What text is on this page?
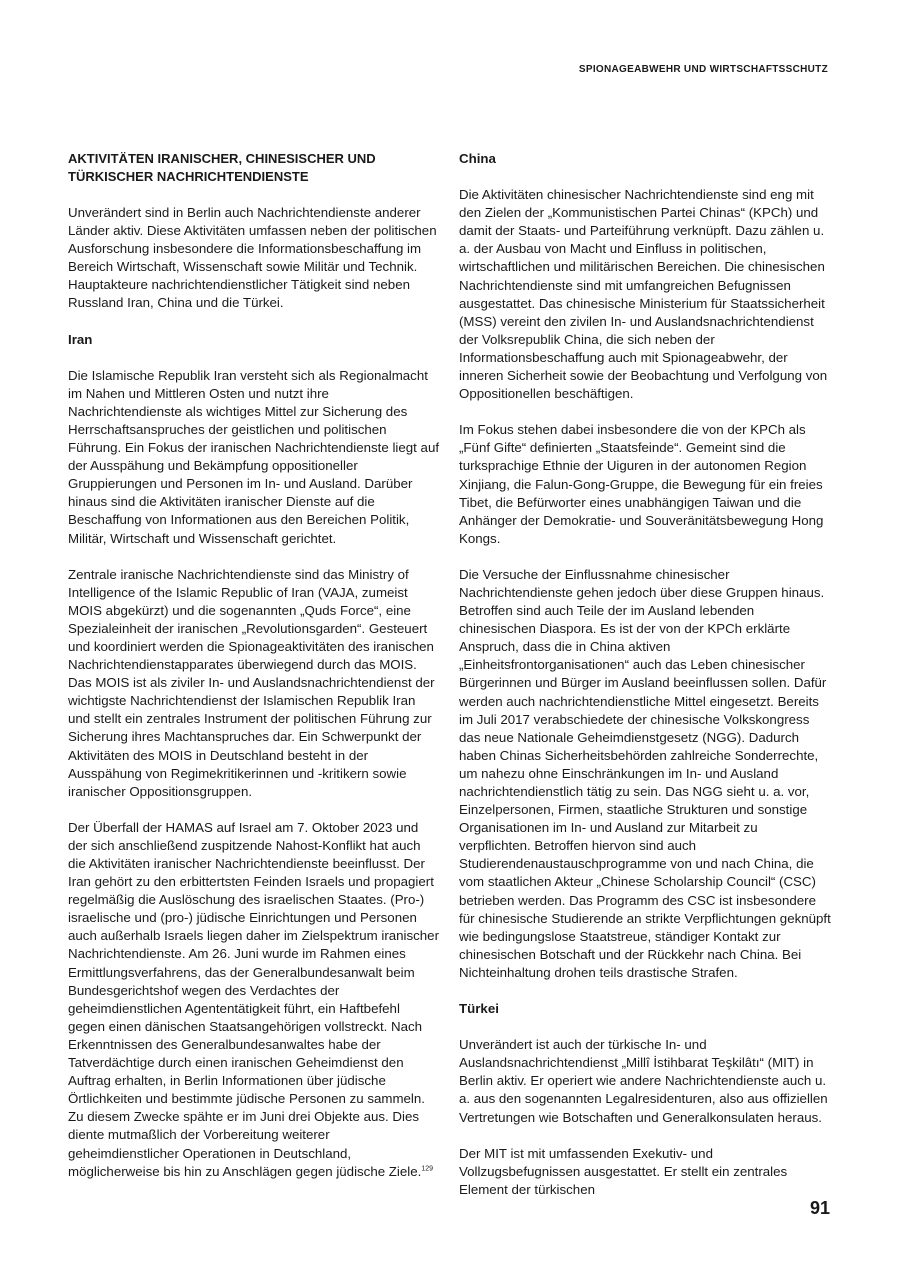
SPIONAGEABWEHR UND WIRTSCHAFTSSCHUTZ
AKTIVITÄTEN IRANISCHER, CHINESISCHER UND TÜRKISCHER NACHRICHTENDIENSTE

Unverändert sind in Berlin auch Nachrichtendienste anderer Länder aktiv. Diese Aktivitäten umfassen neben der politischen Ausforschung insbesondere die Informationsbeschaffung im Bereich Wirtschaft, Wissenschaft sowie Militär und Technik. Hauptakteure nachrichtendienstlicher Tätigkeit sind neben Russland Iran, China und die Türkei.

Iran

Die Islamische Republik Iran versteht sich als Regionalmacht im Nahen und Mittleren Osten und nutzt ihre Nachrichtendienste als wichtiges Mittel zur Sicherung des Herrschaftsanspruches der geistlichen und politischen Führung. Ein Fokus der iranischen Nachrichtendienste liegt auf der Ausspähung und Bekämpfung oppositioneller Gruppierungen und Personen im In- und Ausland. Darüber hinaus sind die Aktivitäten iranischer Dienste auf die Beschaffung von Informationen aus den Bereichen Politik, Militär, Wirtschaft und Wissenschaft gerichtet.

Zentrale iranische Nachrichtendienste sind das Ministry of Intelligence of the Islamic Republic of Iran (VAJA, zumeist MOIS abgekürzt) und die sogenannten „Quds Force“, eine Spezialeinheit der iranischen „Revolutionsgarden“. Gesteuert und koordiniert werden die Spionageaktivitäten des iranischen Nachrichtendienstapparates überwiegend durch das MOIS. Das MOIS ist als ziviler In- und Auslandsnachrichtendienst der wichtigste Nachrichtendienst der Islamischen Republik Iran und stellt ein zentrales Instrument der politischen Führung zur Sicherung ihres Machtanspruches dar. Ein Schwerpunkt der Aktivitäten des MOIS in Deutschland besteht in der Ausspähung von Regimekritikerinnen und -kritikern sowie iranischer Oppositionsgruppen.

Der Überfall der HAMAS auf Israel am 7. Oktober 2023 und der sich anschließend zuspitzende Nahost-Konflikt hat auch die Aktivitäten iranischer Nachrichtendienste beeinflusst. Der Iran gehört zu den erbittertsten Feinden Israels und propagiert regelmäßig die Auslöschung des israelischen Staates. (Pro-) israelische und (pro-) jüdische Einrichtungen und Personen auch außerhalb Israels liegen daher im Zielspektrum iranischer Nachrichtendienste. Am 26. Juni wurde im Rahmen eines Ermittlungsverfahrens, das der Generalbundesanwalt beim Bundesgerichtshof wegen des Verdachtes der geheimdienstlichen Agententätigkeit führt, ein Haftbefehl gegen einen dänischen Staatsangehörigen vollstreckt. Nach Erkenntnissen des Generalbundesanwaltes habe der Tatverdächtige durch einen iranischen Geheimdienst den Auftrag erhalten, in Berlin Informationen über jüdische Örtlichkeiten und bestimmte jüdische Personen zu sammeln. Zu diesem Zwecke spähte er im Juni drei Objekte aus. Dies diente mutmaßlich der Vorbereitung weiterer geheimdienstlicher Operationen in Deutschland, möglicherweise bis hin zu Anschlägen gegen jüdische Ziele.$^{129}$

China

Die Aktivitäten chinesischer Nachrichtendienste sind eng mit den Zielen der „Kommunistischen Partei Chinas“ (KPCh) und damit der Staats- und Parteiführung verknüpft. Dazu zählen u. a. der Ausbau von Macht und Einfluss in politischen, wirtschaftlichen und militärischen Bereichen. Die chinesischen Nachrichtendienste sind mit umfangreichen Befugnissen ausgestattet. Das chinesische Ministerium für Staatssicherheit (MSS) vereint den zivilen In- und Auslandsnachrichtendienst der Volksrepublik China, die sich neben der Informationsbeschaffung auch mit Spionageabwehr, der inneren Sicherheit sowie der Beobachtung und Verfolgung von Oppositionellen beschäftigen.

Im Fokus stehen dabei insbesondere die von der KPCh als „Fünf Gifte“ definierten „Staatsfeinde“. Gemeint sind die turksprachige Ethnie der Uiguren in der autonomen Region Xinjiang, die Falun-Gong-Gruppe, die Bewegung für ein freies Tibet, die Befürworter eines unabhängigen Taiwan und die Anhänger der Demokratie- und Souveränitätsbewegung Hong Kongs.

Die Versuche der Einflussnahme chinesischer Nachrichtendienste gehen jedoch über diese Gruppen hinaus. Betroffen sind auch Teile der im Ausland lebenden chinesischen Diaspora. Es ist der von der KPCh erklärte Anspruch, dass die in China aktiven „Einheitsfrontorganisationen“ auch das Leben chinesischer Bürgerinnen und Bürger im Ausland beeinflussen sollen. Dafür werden auch nachrichtendienstliche Mittel eingesetzt. Bereits im Juli 2017 verabschiedete der chinesische Volkskongress das neue Nationale Geheimdienstgesetz (NGG). Dadurch haben Chinas Sicherheitsbehörden zahlreiche Sonderrechte, um nahezu ohne Einschränkungen im In- und Ausland nachrichtendienstlich tätig zu sein. Das NGG sieht u. a. vor, Einzelpersonen, Firmen, staatliche Strukturen und sonstige Organisationen im In- und Ausland zur Mitarbeit zu verpflichten. Betroffen hiervon sind auch Studierendenaustauschprogramme von und nach China, die vom staatlichen Akteur „Chinese Scholarship Council“ (CSC) betrieben werden. Das Programm des CSC ist insbesondere für chinesische Studierende an strikte Verpflichtungen geknüpft wie bedingungslose Staatstreue, ständiger Kontakt zur chinesischen Botschaft und der Rückkehr nach China. Bei Nichteinhaltung drohen teils drastische Strafen.

Türkei

Unverändert ist auch der türkische In- und Auslandsnachrichtendienst „Millî İstihbarat Teşkilâtı“ (MIT) in Berlin aktiv. Er operiert wie andere Nachrichtendienste auch u. a. aus den sogenannten Legalresidenturen, also aus offiziellen Vertretungen wie Botschaften und Generalkonsulaten heraus.

Der MIT ist mit umfassenden Exekutiv- und Vollzugsbefugnissen ausgestattet. Er stellt ein zentrales Element der türkischen

91
